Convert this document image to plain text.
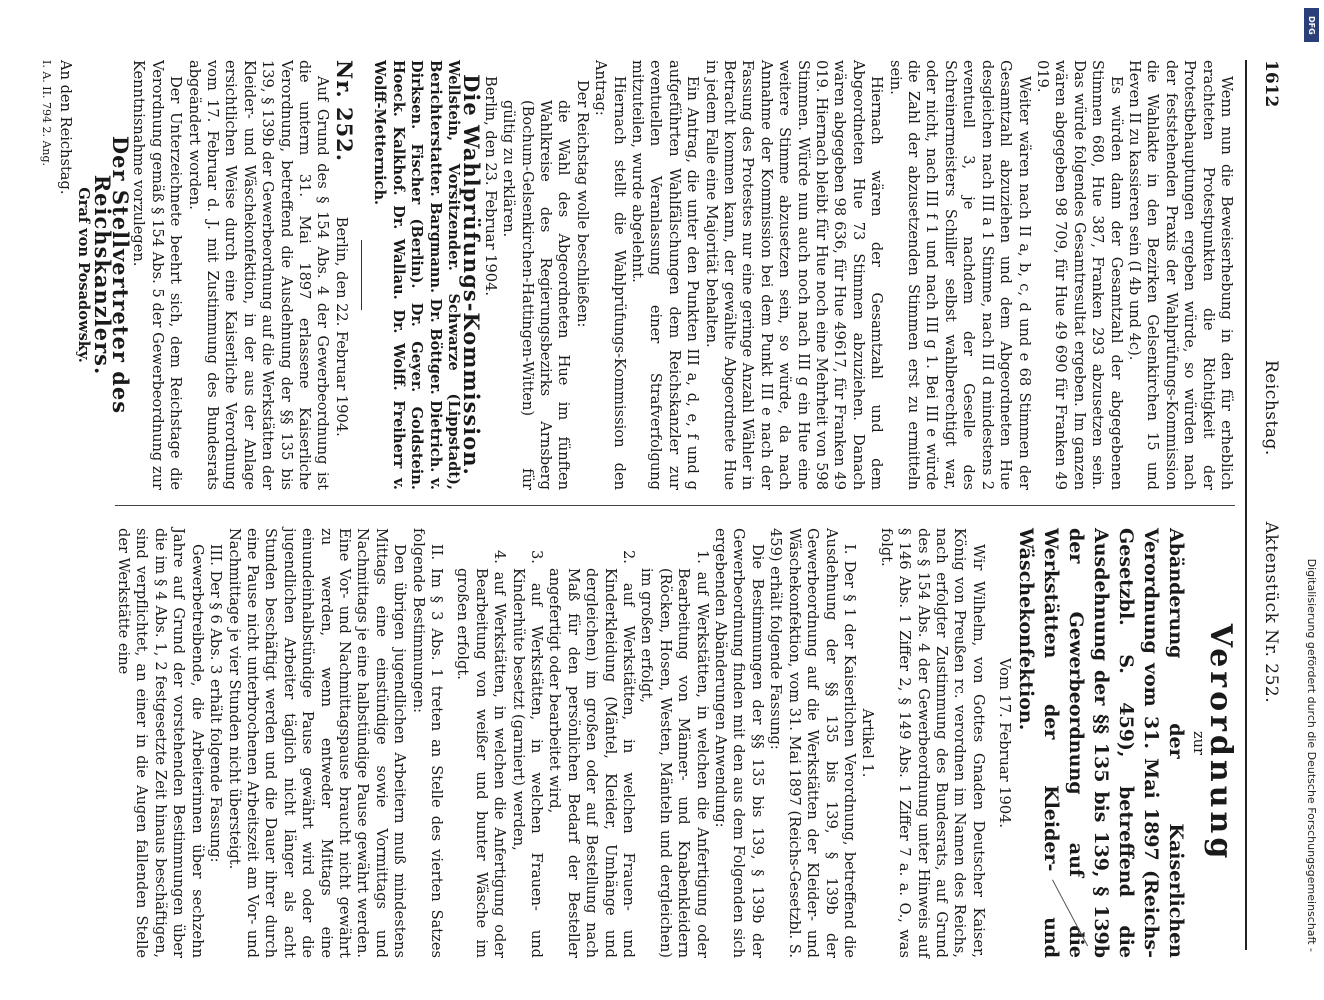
1612
Reichstag. Aktenstück Nr. 252.

Wenn nun die Beweiserhebung in den für erheblich erachteten Protestpunkten die Richtigkeit der Protestbehauptungen ergeben würde, so würden nach der feststehenden Praxis der Wahlprüfungs-Kommission die Wahlakte in den Bezirken Gelsenkirchen 15 und Heven II zu kassieren sein (I 4b und 4c).

Es würden dann der Gesamtzahl der abgegebenen Stimmen 680, Hue 387, Franken 293 abzusetzen sein. Das würde folgendes Gesamtresultat ergeben. Im ganzen wären abgegeben 98 709, für Hue 49 690 für Franken 49 019.

Weiter wären nach II a, b, c, d und e 68 Stimmen der Gesamtzahl abzuziehen und dem Abgeordneten Hue desgleichen nach III a 1 Stimme, nach III d mindestens 2 eventuell 3, je nachdem der Geselle des Schreinermeisters Schiller selbst wahlberechtigt war, oder nicht, nach III f 1 und nach III g 1. Bei III e würde die Zahl der abzusetzenden Stimmen erst zu ermitteln sein.

Hiernach wären der Gesamtzahl und dem Abgeordneten Hue 73 Stimmen abzuziehen. Danach wären abgegeben 98 636, für Hue 49617, für Franken 49 019. Hiernach bleibt für Hue noch eine Mehrheit von 598 Stimmen. Würde nun auch noch nach III g ein Hue eine weitere Stimme abzusetzen sein, so würde, da nach Annahme der Kommission bei dem Punkt III e nach der Fassung des Protestes nur eine geringe Anzahl Wähler in Betracht kommen kann, der gewählte Abgeordnete Hue in jedem Falle eine Majorität behalten.

Ein Antrag, die unter den Punkten III a, d, e, f und g aufgeführten Wahlfälschungen dem Reichskanzler zur eventuellen Veranlassung einer Strafverfolgung mitzuteilen, wurde abgelehnt.

Hiernach stellt die Wahlprüfungs-Kommission den Antrag:

Der Reichstag wolle beschließen:

die Wahl des Abgeordneten Hue im fünften Wahlkreise des Regierungsbezirks Arnsberg (Bochum-Gelsenkirchen-Hattingen-Witten) für gültig zu erklären.

Berlin, den 23. Februar 1904.

Die Wahlprüfungs-Kommission.

Wellstein, Vorsitzender. Schwarze (Lippstadt), Berichterstatter. Bargmann. Dr. Böttger. Dietrich. v. Dirksen. Fischer (Berlin). Dr. Geyer. Goldstein. Hoeck. Kalkhof. Dr. Wallau. Dr. Wolff. Freiherr v. Wolff-Metternich.

Nr. 252. Berlin, den 22. Februar 1904.

Auf Grund des § 154 Abs. 4 der Gewerbeordnung ist die unterm 31. Mai 1897 erlassene Kaiserliche Verordnung, betreffend die Ausdehnung der §§ 135 bis 139, § 139b der Gewerbeordnung auf die Werkstätten der Kleider- und Wäschekonfektion, in der aus der Anlage ersichtlichen Weise durch eine Kaiserliche Verordnung vom 17. Februar d. J. mit Zustimmung des Bundesrats abgeändert worden.

Der Unterzeichnete beehrt sich, dem Reichstage die Verordnung gemäß § 154 Abs. 5 der Gewerbeordnung zur Kenntnisnahme vorzulegen.

Der Stellvertreter des Reichskanzlers.

Graf von Posadowsky.

An den Reichstag.

I. A. II. 794 2. Ang.

Verordnung

zur

Abänderung der Kaiserlichen Verordnung vom 31. Mai 1897 (Reichs-Gesetzbl. S. 459), betreffend die Ausdehnung der §§ 135 bis 139, § 139b der Gewerbeordnung auf die Werkstätten der Kleider- und Wäschekonfektion.

Vom 17. Februar 1904.

Wir Wilhelm, von Gottes Gnaden Deutscher Kaiser, König von Preußen rc. verordnen im Namen des Reichs, nach erfolgter Zustimmung des Bundesrats, auf Grund des § 154 Abs. 4 der Gewerbeordnung unter Hinweis auf § 146 Abs. 1 Ziffer 2, § 149 Abs. 1 Ziffer 7 a. a. O., was folgt.

Artikel 1.

I. Der § 1 der Kaiserlichen Verordnung, betreffend die Ausdehnung der §§ 135 bis 139, § 139b der Gewerbeordnung auf die Werkstätten der Kleider- und Wäschekonfektion, vom 31. Mai 1897 (Reichs-Gesetzbl. S. 459) erhält folgende Fassung:

Die Bestimmungen der §§ 135 bis 139, § 139b der Gewerbeordnung finden mit den aus dem Folgenden sich ergebenden Abänderungen Anwendung:

1. auf Werkstätten, in welchen die Anfertigung oder Bearbeitung von Männer- und Knabenkleidern (Röcken, Hosen, Westen, Mänteln und dergleichen) im großen erfolgt,

2. auf Werkstätten, in welchen Frauen- und Kinderkleidung (Mäntel, Kleider, Umhänge und dergleichen) im großen oder auf Bestellung nach Maß für den persönlichen Bedarf der Besteller angefertigt oder bearbeitet wird,

3. auf Werkstätten, in welchen Frauen- und Kinderhüte besetzt (garniert) werden,

4. auf Werkstätten, in welchen die Anfertigung oder Bearbeitung von weißer und bunter Wäsche im großen erfolgt.

II. Im § 3 Abs. 1 treten an Stelle des vierten Satzes folgende Bestimmungen:

Den übrigen jugendlichen Arbeitern muß mindestens Mittags eine einstündige sowie Vormittags und Nachmittags je eine halbstündige Pause gewährt werden. Eine Vor- und Nachmittagspause braucht nicht gewährt zu werden, wenn entweder Mittags eine einundeinhalbstündige Pause gewährt wird oder die jugendlichen Arbeiter täglich nicht länger als acht Stunden beschäftigt werden und die Dauer ihrer durch eine Pause nicht unterbrochenen Arbeitszeit am Vor- und Nachmittage je vier Stunden nicht übersteigt.

III. Der § 6 Abs. 3 erhält folgende Fassung:

Gewerbetreibende, die Arbeiterinnen über sechzehn Jahre auf Grund der vorstehenden Bestimmungen über die im § 4 Abs. 1, 2 festgesetzte Zeit hinaus beschäftigen, sind verpflichtet, an einer in die Augen fallenden Stelle der Werkstätte eine

DFG
Digitalisierung gefördert durch die Deutsche Forschungsgemeinschaft -
